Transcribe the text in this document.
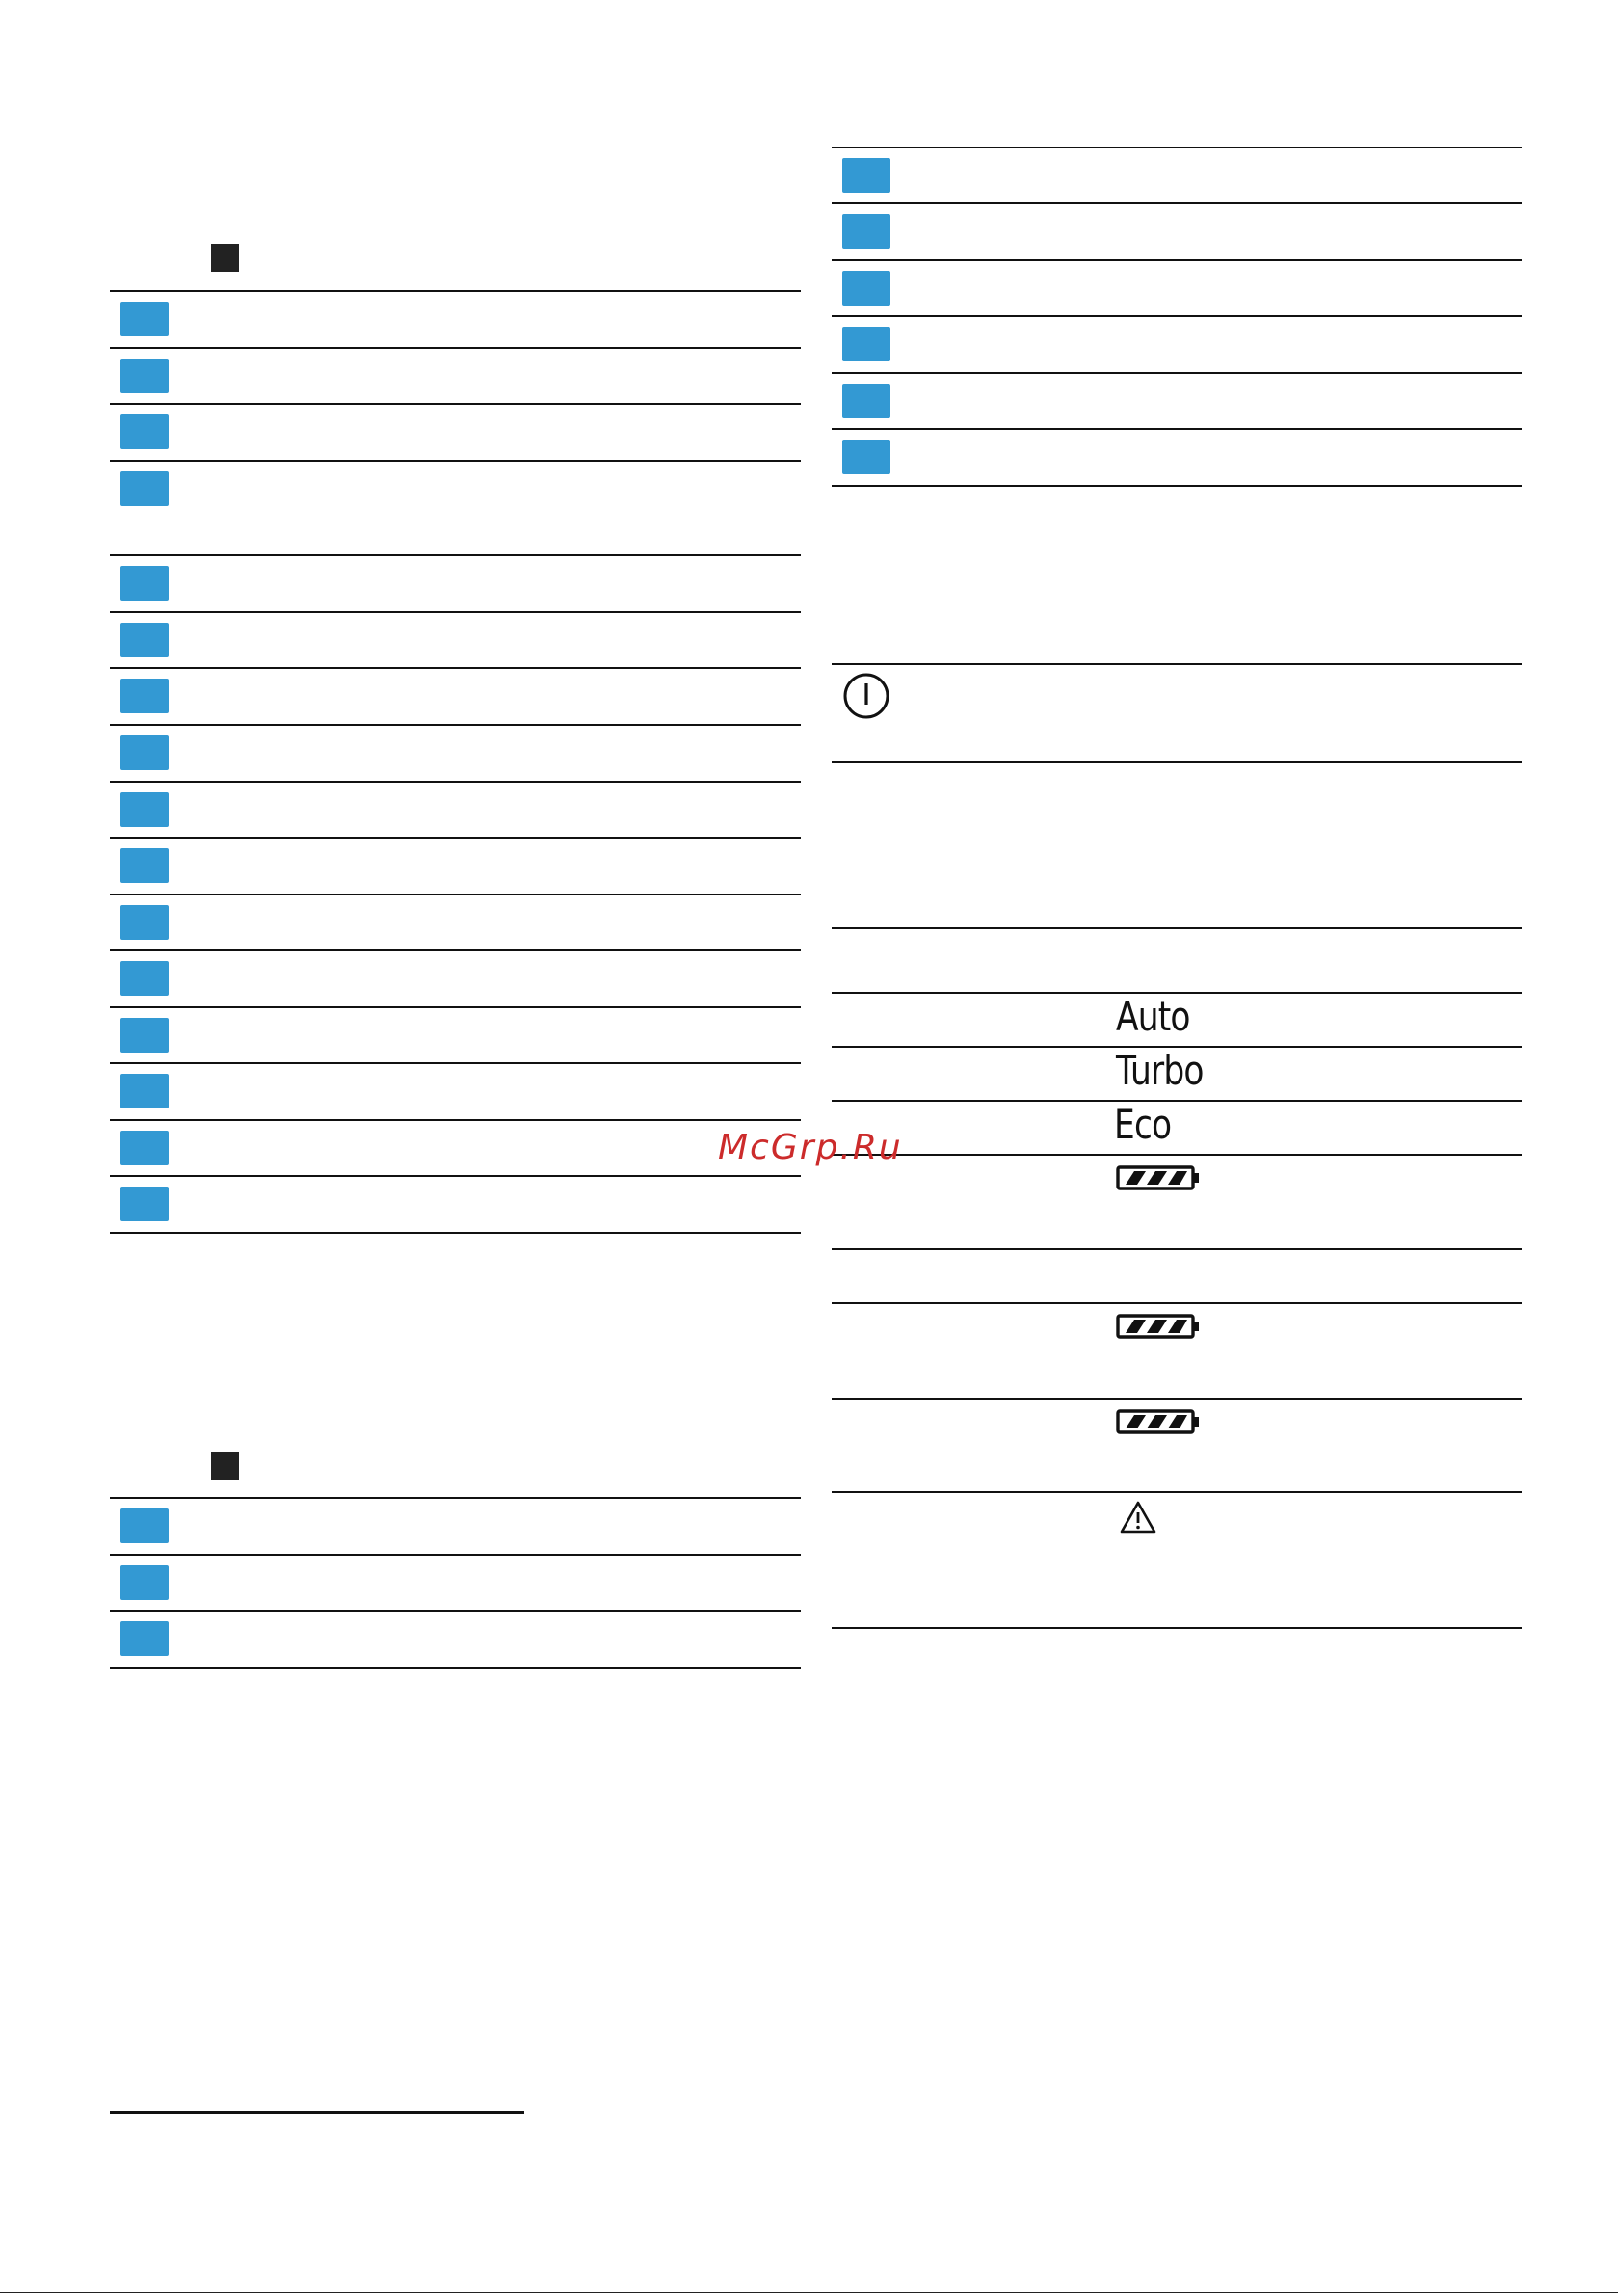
Auto
Turbo
Eco
McGrp.Ru
